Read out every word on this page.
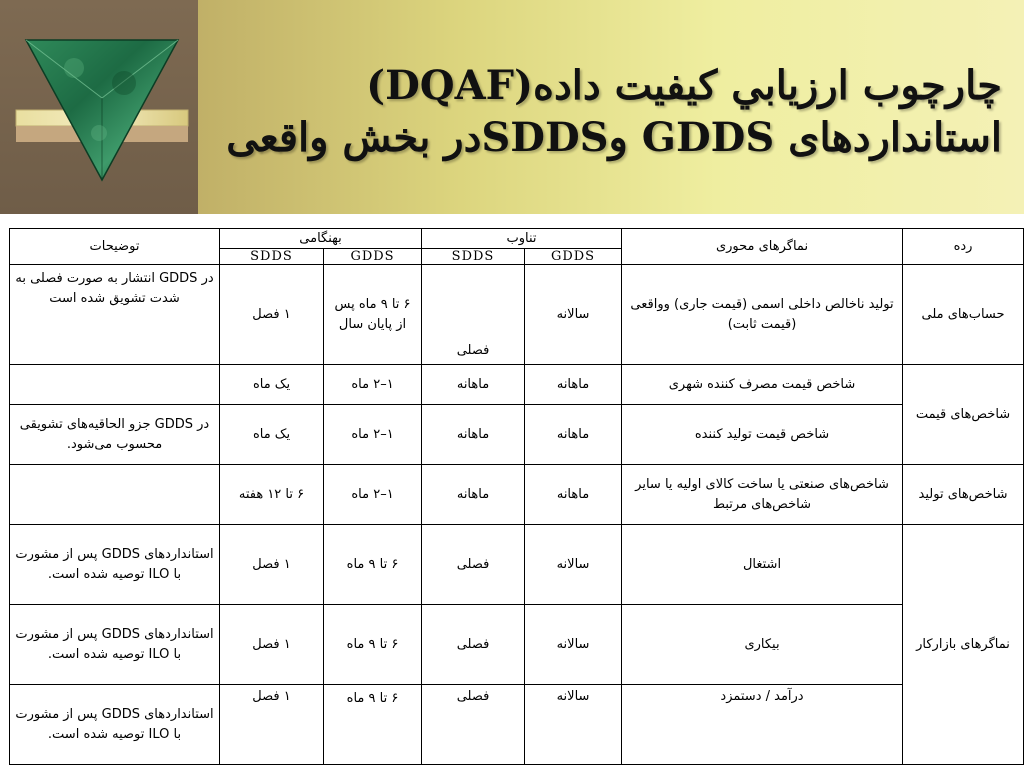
چارچوب ارزيابي کيفيت داده(DQAF)
استانداردهای GDDS وSDDSدر بخش واقعی
توضیحات	بهنگامی		تناوب		نماگرهای محوری	رده
	SDDS	GDDS	SDDS	GDDS		
در GDDS انتشار به صورت فصلی به شدت تشویق شده است	۱ فصل	۶ تا ۹ ماه پس از پایان سال	فصلی	سالانه	تولید ناخالص داخلی اسمی (قیمت جاری) وواقعی (قیمت ثابت)	حساب‌های ملی
	یک ماه	۱–۲ ماه	ماهانه	ماهانه	شاخص قیمت مصرف کننده شهری	شاخص‌های قیمت
در GDDS جزو الحاقیه‌های تشویقی محسوب می‌شود.	یک ماه	۱–۲ ماه	ماهانه	ماهانه	شاخص قیمت تولید کننده	
	۶ تا ۱۲ هفته	۱–۲ ماه	ماهانه	ماهانه	شاخص‌های صنعتی یا ساخت کالای اولیه یا سایر شاخص‌های مرتبط	شاخص‌های تولید
استانداردهای GDDS پس از مشورت با ILO توصیه شده است.	۱ فصل	۶ تا ۹ ماه	فصلی	سالانه	اشتغال	نماگرهای بازارکار
استانداردهای GDDS پس از مشورت با ILO توصیه شده است.	۱ فصل	۶ تا ۹ ماه	فصلی	سالانه	بیکاری	
استانداردهای GDDS پس از مشورت با ILO توصیه شده است.	۱ فصل	۶ تا ۹ ماه	فصلی	سالانه	درآمد / دستمزد	
